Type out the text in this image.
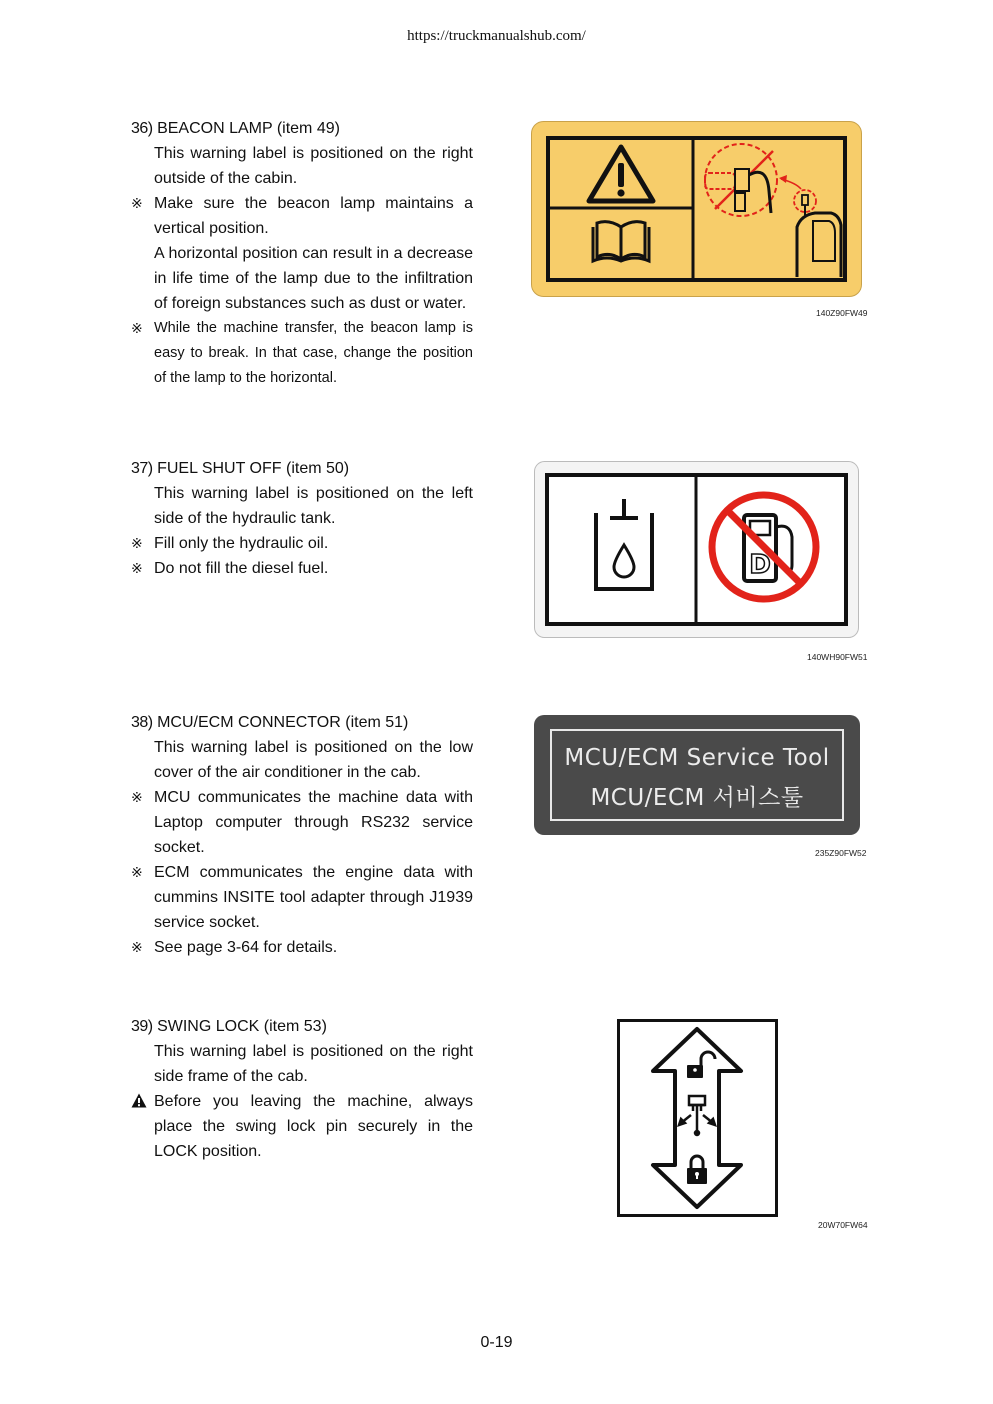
https://truckmanualshub.com/
36) BEACON LAMP (item 49)
This warning label is positioned on the right outside of the cabin.
※ Make sure the beacon lamp maintains a vertical position.
A horizontal position can result in a decrease in life time of the lamp due to the infiltration of foreign substances such as dust or water.
※ While the machine transfer, the beacon lamp is easy to break. In that case, change the position of the lamp to the horizontal.
140Z90FW49
37) FUEL SHUT OFF (item 50)
This warning label is positioned on the left side of the hydraulic tank.
※ Fill only the hydraulic oil.
※ Do not fill the diesel fuel.	D
140WH90FW51
38) MCU/ECM CONNECTOR (item 51)
This warning label is positioned on the low cover of the air conditioner in the cab.
※ MCU communicates the machine data with Laptop computer through RS232 service socket.
※ ECM communicates the engine data with cummins INSITE tool adapter through J1939 service socket.
※ See page 3-64 for details.
MCU/ECM Service Tool
MCU/ECM 서비스툴
235Z90FW52
39) SWING LOCK (item 53)
This warning label is positioned on the right side frame of the cab.
Before you leaving the machine, always place the swing lock pin securely in the LOCK position.
20W70FW64
0-19
